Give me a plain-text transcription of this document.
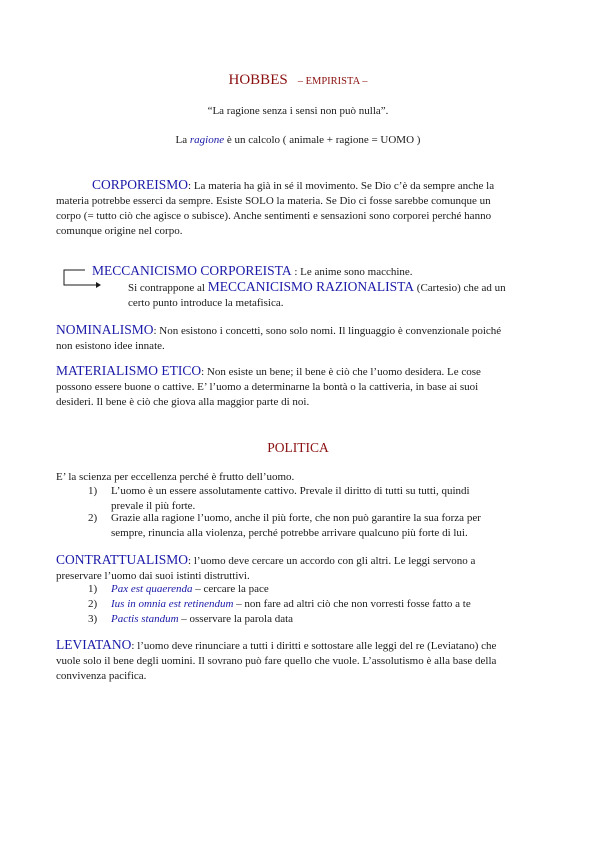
HOBBES – EMPIRISTA –
“La ragione senza i sensi non può nulla”.
La ragione è un calcolo ( animale + ragione = UOMO )
CORPOREISMO: La materia ha già in sé il movimento. Se Dio c’è da sempre anche la
materia potrebbe esserci da sempre. Esiste SOLO la materia. Se Dio ci fosse sarebbe comunque un
corpo (= tutto ciò che agisce o subisce). Anche sentimenti e sensazioni sono corporei perché hanno
comunque origine nel corpo.
MECCANICISMO CORPOREISTA : Le anime sono macchine.
Si contrappone al MECCANICISMO RAZIONALISTA (Cartesio) che ad un
certo punto introduce la metafisica.
NOMINALISMO: Non esistono i concetti, sono solo nomi. Il linguaggio è convenzionale poiché
non esistono idee innate.
MATERIALISMO ETICO: Non esiste un bene; il bene è ciò che l’uomo desidera. Le cose
possono essere buone o cattive. E’ l’uomo a determinarne la bontà o la cattiveria, in base ai suoi
desideri. Il bene è ciò che giova alla maggior parte di noi.
POLITICA
E’ la scienza per eccellenza perché è frutto dell’uomo.
1) L’uomo è un essere assolutamente cattivo. Prevale il diritto di tutti su tutti, quindi
prevale il più forte.
2) Grazie alla ragione l’uomo, anche il più forte, che non può garantire la sua forza per
sempre, rinuncia alla violenza, perché potrebbe arrivare qualcuno più forte di lui.
CONTRATTUALISMO: l’uomo deve cercare un accordo con gli altri. Le leggi servono a
preservare l’uomo dai suoi istinti distruttivi.
1) Pax est quaerenda – cercare la pace
2) Ius in omnia est retinendum – non fare ad altri ciò che non vorresti fosse fatto a te
3) Pactis standum – osservare la parola data
LEVIATANO: l’uomo deve rinunciare a tutti i diritti e sottostare alle leggi del re (Leviatano) che
vuole solo il bene degli uomini. Il sovrano può fare quello che vuole. L’assolutismo è alla base della
convivenza pacifica.
